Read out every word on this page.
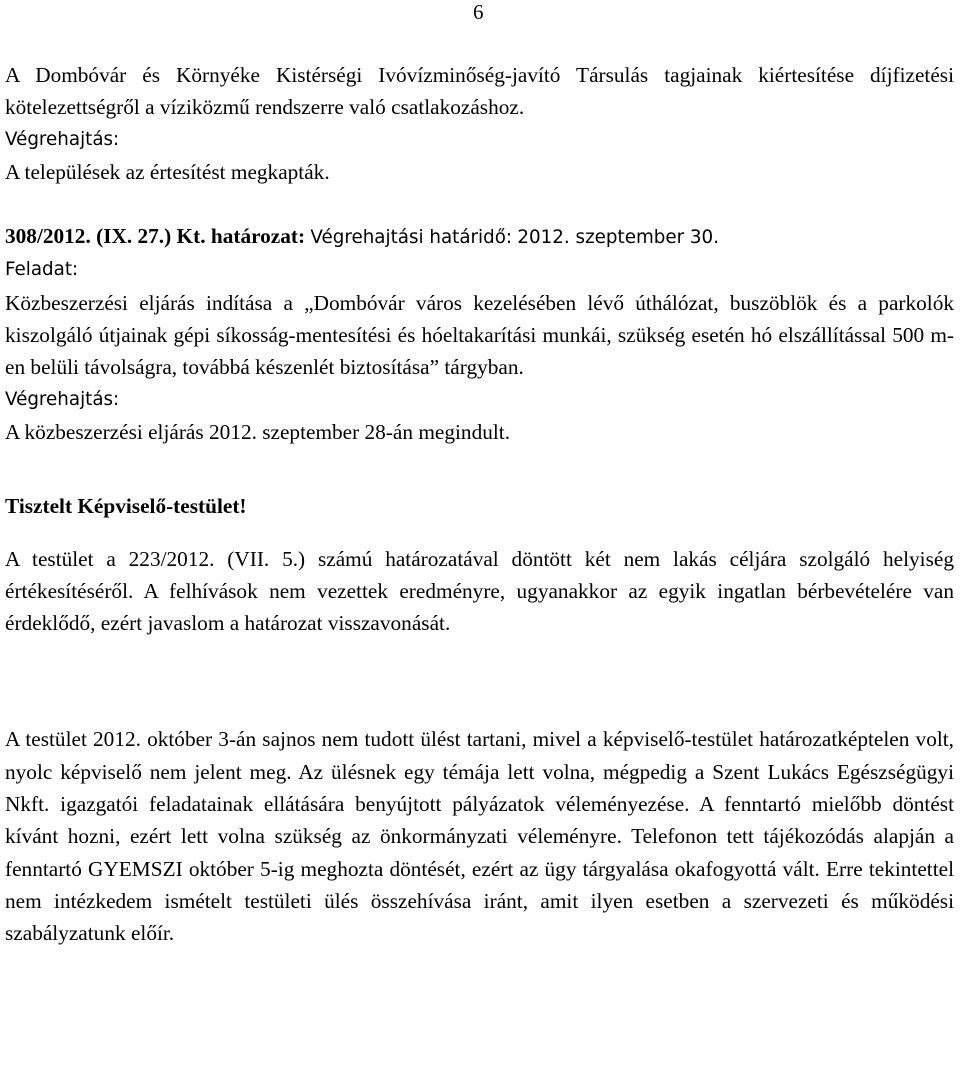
6

A Dombóvár és Környéke Kistérségi Ivóvízminőség-javító Társulás tagjainak kiértesítése díjfizetési kötelezettségről a víziközmű rendszerre való csatlakozáshoz.

Végrehajtás:

A települések az értesítést megkapták.

308/2012. (IX. 27.) Kt. határozat: Végrehajtási határidő: 2012. szeptember 30.

Feladat:

Közbeszerzési eljárás indítása a „Dombóvár város kezelésében lévő úthálózat, buszöblök és a parkolók kiszolgáló útjainak gépi síkosság-mentesítési és hóeltakarítási munkái, szükség esetén hó elszállítással 500 m-en belüli távolságra, továbbá készenlét biztosítása” tárgyban.

Végrehajtás:

A közbeszerzési eljárás 2012. szeptember 28-án megindult.

Tisztelt Képviselő-testület!

A testület a 223/2012. (VII. 5.) számú határozatával döntött két nem lakás céljára szolgáló helyiség értékesítéséről. A felhívások nem vezettek eredményre, ugyanakkor az egyik ingatlan bérbevételére van érdeklődő, ezért javaslom a határozat visszavonását.

A testület 2012. október 3-án sajnos nem tudott ülést tartani, mivel a képviselő-testület határozatképtelen volt, nyolc képviselő nem jelent meg. Az ülésnek egy témája lett volna, mégpedig a Szent Lukács Egészségügyi Nkft. igazgatói feladatainak ellátására benyújtott pályázatok véleményezése. A fenntartó mielőbb döntést kívánt hozni, ezért lett volna szükség az önkormányzati véleményre. Telefonon tett tájékozódás alapján a fenntartó GYEMSZI október 5-ig meghozta döntését, ezért az ügy tárgyalása okafogyottá vált. Erre tekintettel nem intézkedem ismételt testületi ülés összehívása iránt, amit ilyen esetben a szervezeti és működési szabályzatunk előír.
